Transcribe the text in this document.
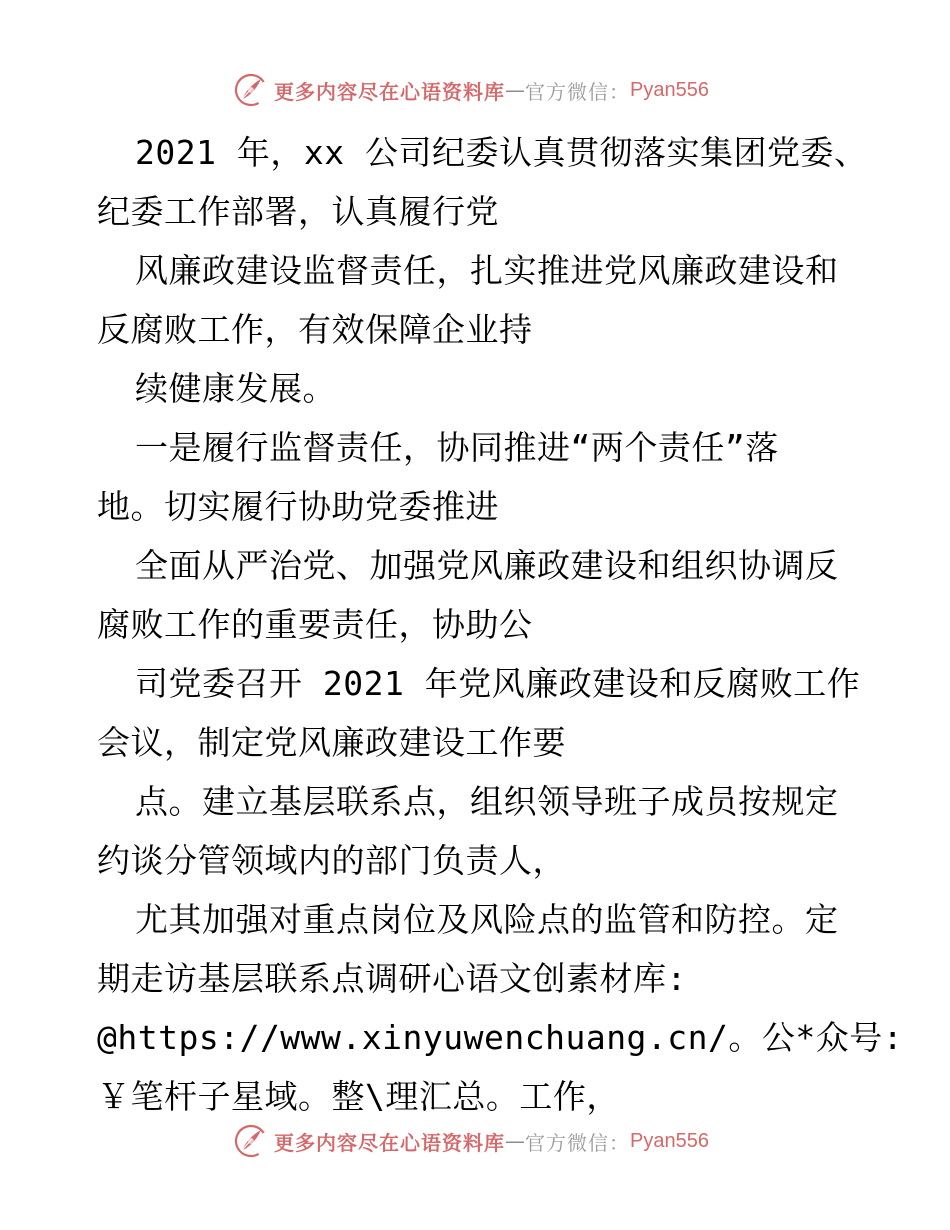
更多内容尽在心语资料库 — 官方微信： Pyan556
2021 年，xx 公司纪委认真贯彻落实集团党委、
纪委工作部署，认真履行党
风廉政建设监督责任，扎实推进党风廉政建设和
反腐败工作，有效保障企业持
续健康发展。
一是履行监督责任，协同推进“两个责任”落
地。切实履行协助党委推进
全面从严治党、加强党风廉政建设和组织协调反
腐败工作的重要责任，协助公
司党委召开 2021 年党风廉政建设和反腐败工作
会议，制定党风廉政建设工作要
点。建立基层联系点，组织领导班子成员按规定
约谈分管领域内的部门负责人，
尤其加强对重点岗位及风险点的监管和防控。定
期走访基层联系点调研心语文创素材库:
@https://www.xinyuwenchuang.cn/。公*众号:
￥笔杆子星域。整\理汇总。工作，
更多内容尽在心语资料库 — 官方微信： Pyan556
